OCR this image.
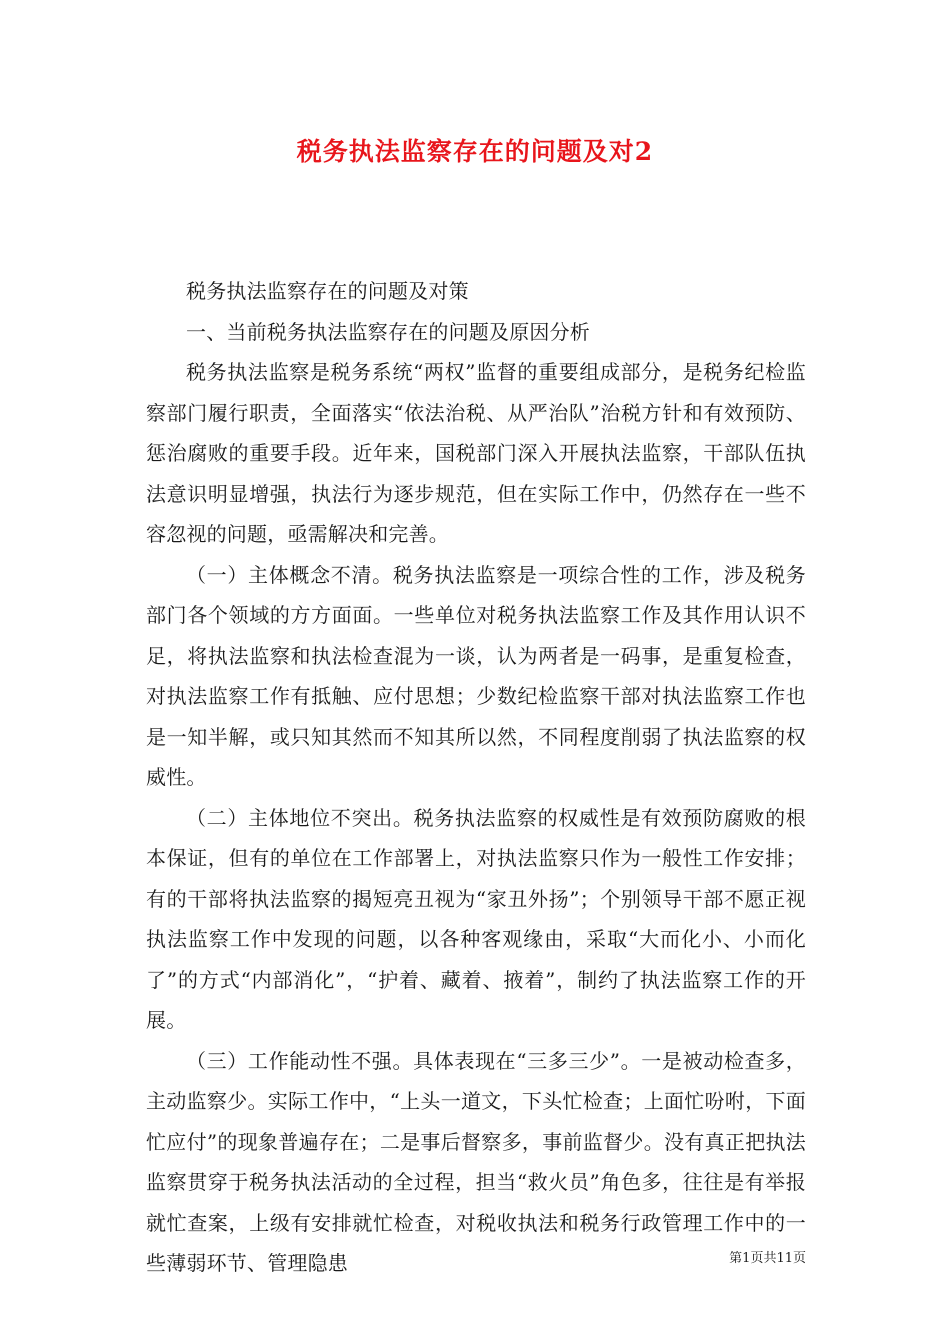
税务执法监察存在的问题及对2

税务执法监察存在的问题及对策

一、当前税务执法监察存在的问题及原因分析

税务执法监察是税务系统“两权”监督的重要组成部分，是税务纪检监察部门履行职责，全面落实“依法治税、从严治队”治税方针和有效预防、惩治腐败的重要手段。近年来，国税部门深入开展执法监察，干部队伍执法意识明显增强，执法行为逐步规范，但在实际工作中，仍然存在一些不容忽视的问题，亟需解决和完善。

（一）主体概念不清。税务执法监察是一项综合性的工作，涉及税务部门各个领域的方方面面。一些单位对税务执法监察工作及其作用认识不足，将执法监察和执法检查混为一谈，认为两者是一码事，是重复检查，对执法监察工作有抵触、应付思想；少数纪检监察干部对执法监察工作也是一知半解，或只知其然而不知其所以然，不同程度削弱了执法监察的权威性。

（二）主体地位不突出。税务执法监察的权威性是有效预防腐败的根本保证，但有的单位在工作部署上，对执法监察只作为一般性工作安排；有的干部将执法监察的揭短亮丑视为“家丑外扬”；个别领导干部不愿正视执法监察工作中发现的问题，以各种客观缘由，采取“大而化小、小而化了”的方式“内部消化”，“护着、藏着、掖着”，制约了执法监察工作的开展。

（三）工作能动性不强。具体表现在“三多三少”。一是被动检查多，主动监察少。实际工作中，“上头一道文，下头忙检查；上面忙吩咐，下面忙应付”的现象普遍存在；二是事后督察多，事前监督少。没有真正把执法监察贯穿于税务执法活动的全过程，担当“救火员”角色多，往往是有举报就忙查案，上级有安排就忙检查，对税收执法和税务行政管理工作中的一些薄弱环节、管理隐患	第1页共11页
